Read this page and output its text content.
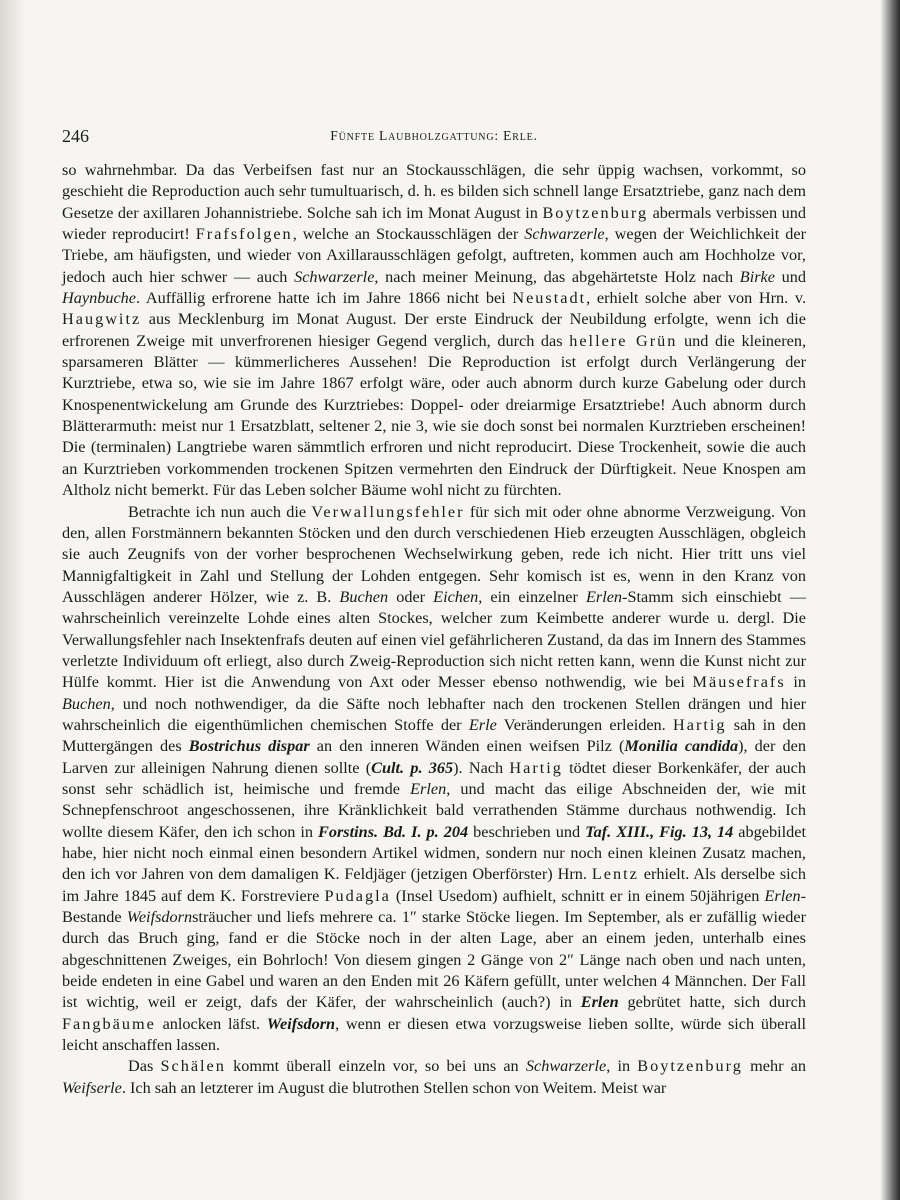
246	Fünfte Laubholzgattung: Erle.

so wahrnehmbar. Da das Verbeifsen fast nur an Stockausschlägen, die sehr üppig wachsen, vorkommt, so geschieht die Reproduction auch sehr tumultuarisch, d. h. es bilden sich schnell lange Ersatztriebe, ganz nach dem Gesetze der axillaren Johannistriebe. Solche sah ich im Monat August in Boytzenburg abermals verbissen und wieder reproducirt! Frafsfolgen, welche an Stockausschlägen der Schwarzerle, wegen der Weichlichkeit der Triebe, am häufigsten, und wieder von Axillarausschlägen gefolgt, auftreten, kommen auch am Hochholze vor, jedoch auch hier schwer — auch Schwarzerle, nach meiner Meinung, das abgehärtetste Holz nach Birke und Haynbuche. Auffällig erfrorene hatte ich im Jahre 1866 nicht bei Neustadt, erhielt solche aber von Hrn. v. Haugwitz aus Mecklenburg im Monat August. Der erste Eindruck der Neubildung erfolgte, wenn ich die erfrorenen Zweige mit unverfrorenen hiesiger Gegend verglich, durch das hellere Grün und die kleineren, sparsameren Blätter — kümmerlicheres Aussehen! Die Reproduction ist erfolgt durch Verlängerung der Kurztriebe, etwa so, wie sie im Jahre 1867 erfolgt wäre, oder auch abnorm durch kurze Gabelung oder durch Knospenentwickelung am Grunde des Kurztriebes: Doppel- oder dreiarmige Ersatztriebe! Auch abnorm durch Blätterarmuth: meist nur 1 Ersatzblatt, seltener 2, nie 3, wie sie doch sonst bei normalen Kurztrieben erscheinen! Die (terminalen) Langtriebe waren sämmtlich erfroren und nicht reproducirt. Diese Trockenheit, sowie die auch an Kurztrieben vorkommenden trockenen Spitzen vermehrten den Eindruck der Dürftigkeit. Neue Knospen am Altholz nicht bemerkt. Für das Leben solcher Bäume wohl nicht zu fürchten.

Betrachte ich nun auch die Verwallungsfehler für sich mit oder ohne abnorme Verzweigung. Von den, allen Forstmännern bekannten Stöcken und den durch verschiedenen Hieb erzeugten Ausschlägen, obgleich sie auch Zeugnifs von der vorher besprochenen Wechselwirkung geben, rede ich nicht. Hier tritt uns viel Mannigfaltigkeit in Zahl und Stellung der Lohden entgegen. Sehr komisch ist es, wenn in den Kranz von Ausschlägen anderer Hölzer, wie z. B. Buchen oder Eichen, ein einzelner Erlen-Stamm sich einschiebt — wahrscheinlich vereinzelte Lohde eines alten Stockes, welcher zum Keimbette anderer wurde u. dergl. Die Verwallungsfehler nach Insektenfrafs deuten auf einen viel gefährlicheren Zustand, da das im Innern des Stammes verletzte Individuum oft erliegt, also durch Zweig-Reproduction sich nicht retten kann, wenn die Kunst nicht zur Hülfe kommt. Hier ist die Anwendung von Axt oder Messer ebenso nothwendig, wie bei Mäusefrafs in Buchen, und noch nothwendiger, da die Säfte noch lebhafter nach den trockenen Stellen drängen und hier wahrscheinlich die eigenthümlichen chemischen Stoffe der Erle Veränderungen erleiden. Hartig sah in den Muttergängen des Bostrichus dispar an den inneren Wänden einen weifsen Pilz (Monilia candida), der den Larven zur alleinigen Nahrung dienen sollte (Cult. p. 365). Nach Hartig tödtet dieser Borkenkäfer, der auch sonst sehr schädlich ist, heimische und fremde Erlen, und macht das eilige Abschneiden der, wie mit Schnepfenschroot angeschossenen, ihre Kränklichkeit bald verrathenden Stämme durchaus nothwendig. Ich wollte diesem Käfer, den ich schon in Forstins. Bd. I. p. 204 beschrieben und Taf. XIII., Fig. 13, 14 abgebildet habe, hier nicht noch einmal einen besondern Artikel widmen, sondern nur noch einen kleinen Zusatz machen, den ich vor Jahren von dem damaligen K. Feldjäger (jetzigen Oberförster) Hrn. Lentz erhielt. Als derselbe sich im Jahre 1845 auf dem K. Forstreviere Pudagla (Insel Usedom) aufhielt, schnitt er in einem 50jährigen Erlen-Bestande Weifsdornsträucher und liefs mehrere ca. 1″ starke Stöcke liegen. Im September, als er zufällig wieder durch das Bruch ging, fand er die Stöcke noch in der alten Lage, aber an einem jeden, unterhalb eines abgeschnittenen Zweiges, ein Bohrloch! Von diesem gingen 2 Gänge von 2″ Länge nach oben und nach unten, beide endeten in eine Gabel und waren an den Enden mit 26 Käfern gefüllt, unter welchen 4 Männchen. Der Fall ist wichtig, weil er zeigt, dafs der Käfer, der wahrscheinlich (auch?) in Erlen gebrütet hatte, sich durch Fangbäume anlocken läfst. Weifsdorn, wenn er diesen etwa vorzugsweise lieben sollte, würde sich überall leicht anschaffen lassen.

Das Schälen kommt überall einzeln vor, so bei uns an Schwarzerle, in Boytzenburg mehr an Weifserle. Ich sah an letzterer im August die blutrothen Stellen schon von Weitem. Meist war
